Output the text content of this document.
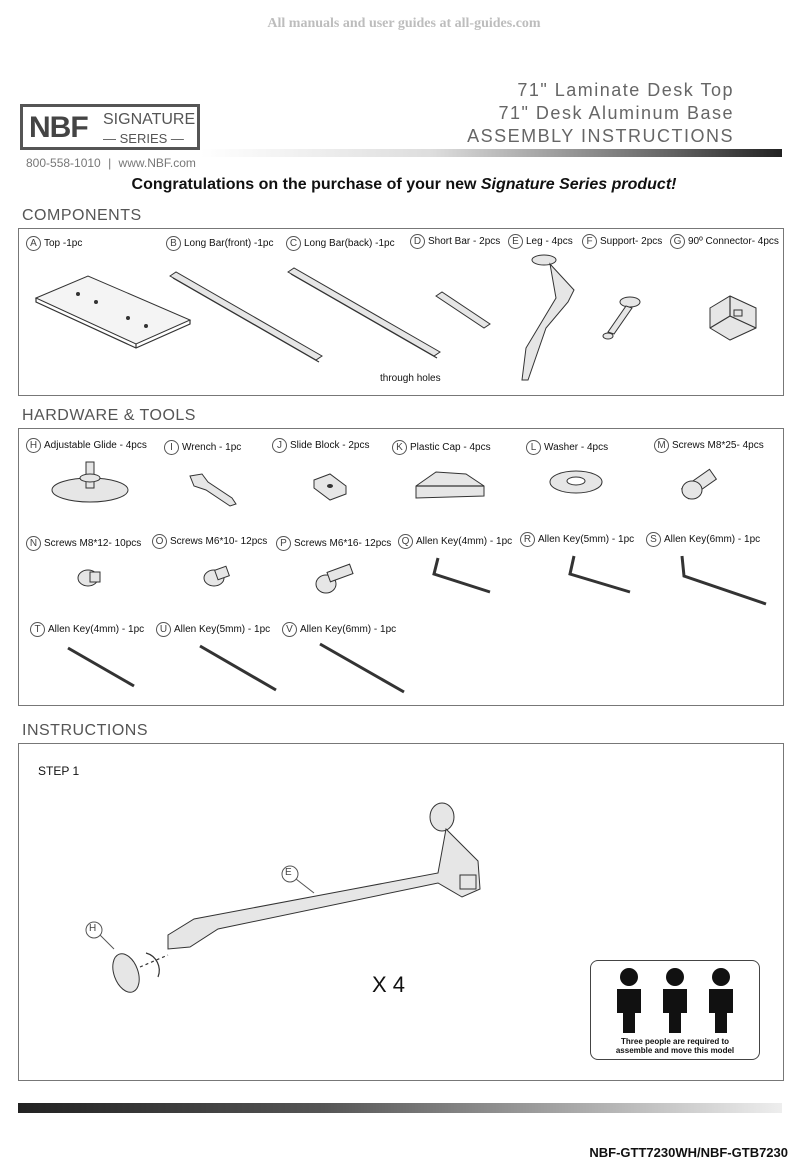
All manuals and user guides at all-guides.com
NBF SIGNATURE
— SERIES —
800-558-1010 | www.NBF.com
71" Laminate Desk Top
71" Desk Aluminum Base
ASSEMBLY INSTRUCTIONS
Congratulations on the purchase of your new Signature Series product!
COMPONENTS
A Top -1pc	B Long Bar(front) -1pc	C Long Bar(back) -1pc	D Short Bar - 2pcs	E Leg - 4pcs	F Support- 2pcs	G 90º Connector- 4pcs
through holes
HARDWARE & TOOLS
H Adjustable Glide - 4pcs	I Wrench - 1pc	J Slide Block - 2pcs	K Plastic Cap - 4pcs	L Washer - 4pcs	M Screws M8*25- 4pcs
N Screws M8*12- 10pcs	O Screws M6*10- 12pcs	P Screws M6*16- 12pcs	Q Allen Key(4mm) - 1pc	R Allen Key(5mm) - 1pc	S Allen Key(6mm) - 1pc
T Allen Key(4mm) - 1pc	U Allen Key(5mm) - 1pc	V Allen Key(6mm) - 1pc
INSTRUCTIONS
STEP 1
E
H
X 4
Three people are required to
assemble and move this model
NBF-GTT7230WH/NBF-GTB7230
